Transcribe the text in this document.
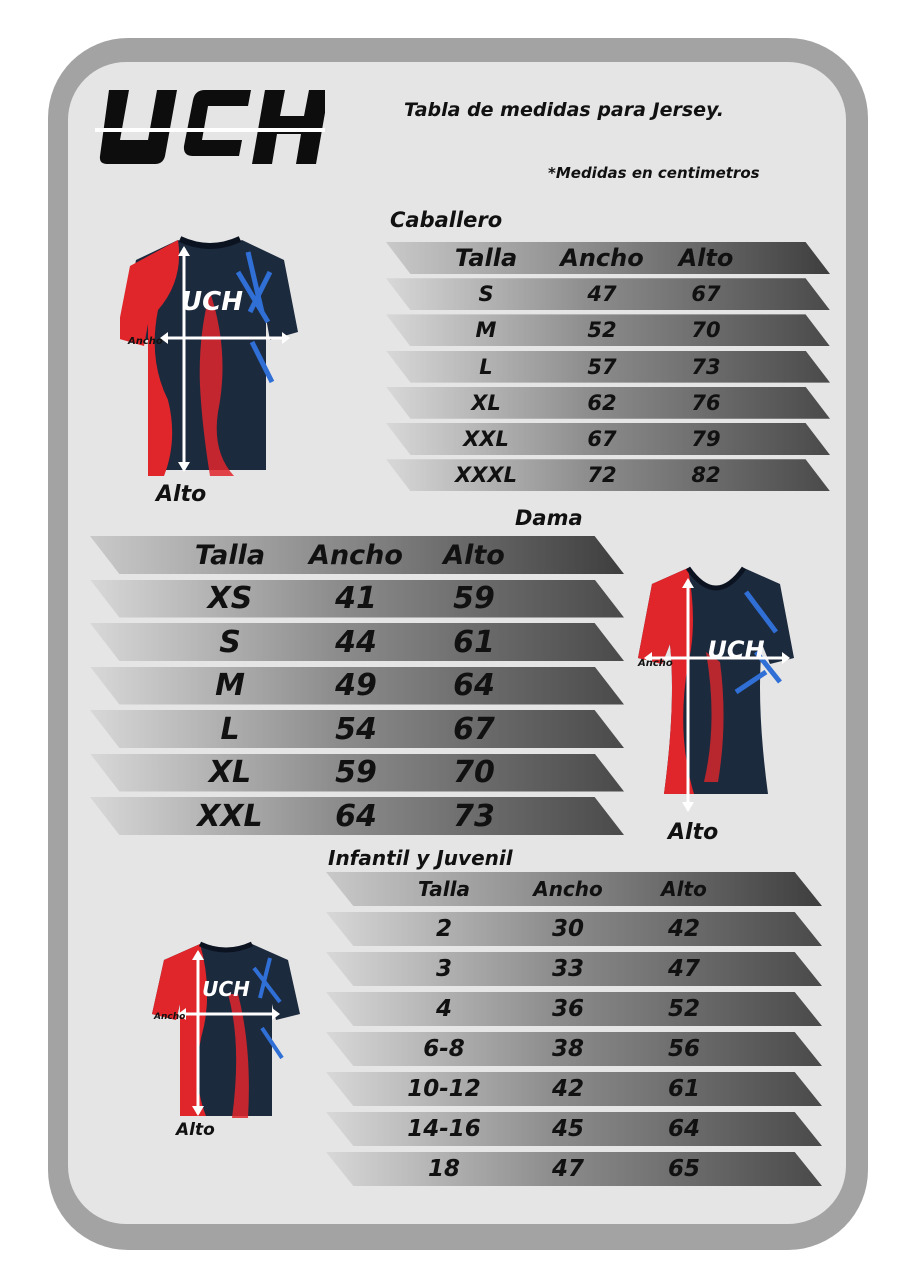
Tabla de medidas para Jersey.
*Medidas en centimetros
Caballero
Talla	Ancho	Alto
S	47	67
M	52	70
L	57	73
XL	62	76
XXL	67	79
XXXL	72	82
UCH
Ancho
Alto
Dama
Talla	Ancho	Alto
XS	41	59
S	44	61
M	49	64
L	54	67
XL	59	70
XXL	64	73
UCH
Ancho
Alto
Infantil y Juvenil
Talla	Ancho	Alto
2	30	42
3	33	47
4	36	52
6-8	38	56
10-12	42	61
14-16	45	64
18	47	65
UCH
Ancho
Alto
